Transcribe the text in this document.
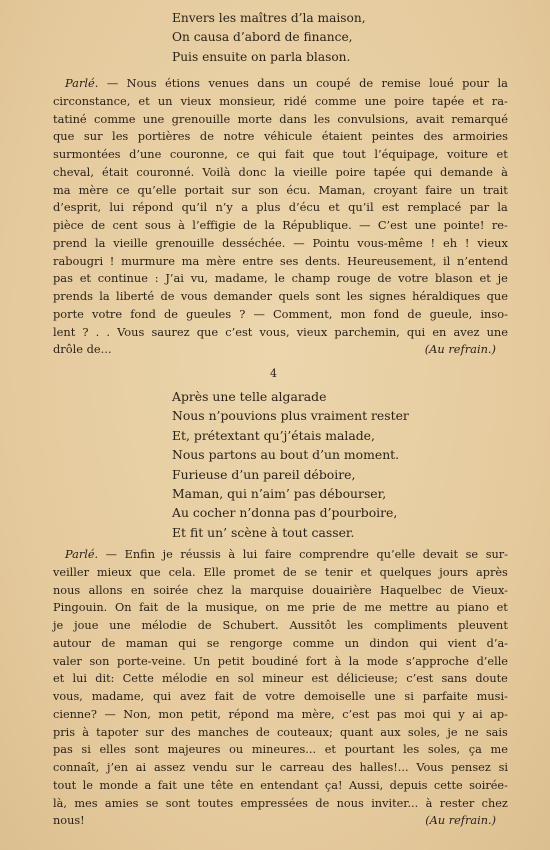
Envers les maîtres d’la maison,
On causa d’abord de finance,
Puis ensuite on parla blason.
Parlé. — Nous étions venues dans un coupé de remise loué pour la
circonstance, et un vieux monsieur, ridé comme une poire tapée et ra-
tatiné comme une grenouille morte dans les convulsions, avait remarqué
que sur les portières de notre véhicule étaient peintes des armoiries
surmontées d’une couronne, ce qui fait que tout l’équipage, voiture et
cheval, était couronné. Voilà donc la vieille poire tapée qui demande à
ma mère ce qu’elle portait sur son écu. Maman, croyant faire un trait
d’esprit, lui répond qu’il n’y a plus d’écu et qu’il est remplacé par la
pièce de cent sous à l’effigie de la République. — C’est une pointe! re-
prend la vieille grenouille desséchée. — Pointu vous-même ! eh ! vieux
rabougri ! murmure ma mère entre ses dents. Heureusement, il n’entend
pas et continue : J’ai vu, madame, le champ rouge de votre blason et je
prends la liberté de vous demander quels sont les signes héraldiques que
porte votre fond de gueules ? — Comment, mon fond de gueule, inso-
lent ? . . Vous saurez que c’est vous, vieux parchemin, qui en avez une
drôle de...	(Au refrain.)
4
Après une telle algarade
Nous n’pouvions plus vraiment rester
Et, prétextant qu’j’étais malade,
Nous partons au bout d’un moment.
Furieuse d’un pareil déboire,
Maman, qui n’aim’ pas débourser,
Au cocher n’donna pas d’pourboire,
Et fit un’ scène à tout casser.
Parlé. — Enfin je réussis à lui faire comprendre qu’elle devait se sur-
veiller mieux que cela. Elle promet de se tenir et quelques jours après
nous allons en soirée chez la marquise douairière Haquelbec de Vieux-
Pingouin. On fait de la musique, on me prie de me mettre au piano et
je joue une mélodie de Schubert. Aussitôt les compliments pleuvent
autour de maman qui se rengorge comme un dindon qui vient d’a-
valer son porte-veine. Un petit boudiné fort à la mode s’approche d’elle
et lui dit: Cette mélodie en sol mineur est délicieuse; c’est sans doute
vous, madame, qui avez fait de votre demoiselle une si parfaite musi-
cienne? — Non, mon petit, répond ma mère, c’est pas moi qui y ai ap-
pris à tapoter sur des manches de couteaux; quant aux soles, je ne sais
pas si elles sont majeures ou mineures... et pourtant les soles, ça me
connaît, j’en ai assez vendu sur le carreau des halles!... Vous pensez si
tout le monde a fait une tête en entendant ça! Aussi, depuis cette soirée-
là, mes amies se sont toutes empressées de nous inviter... à rester chez
nous!	(Au refrain.)
